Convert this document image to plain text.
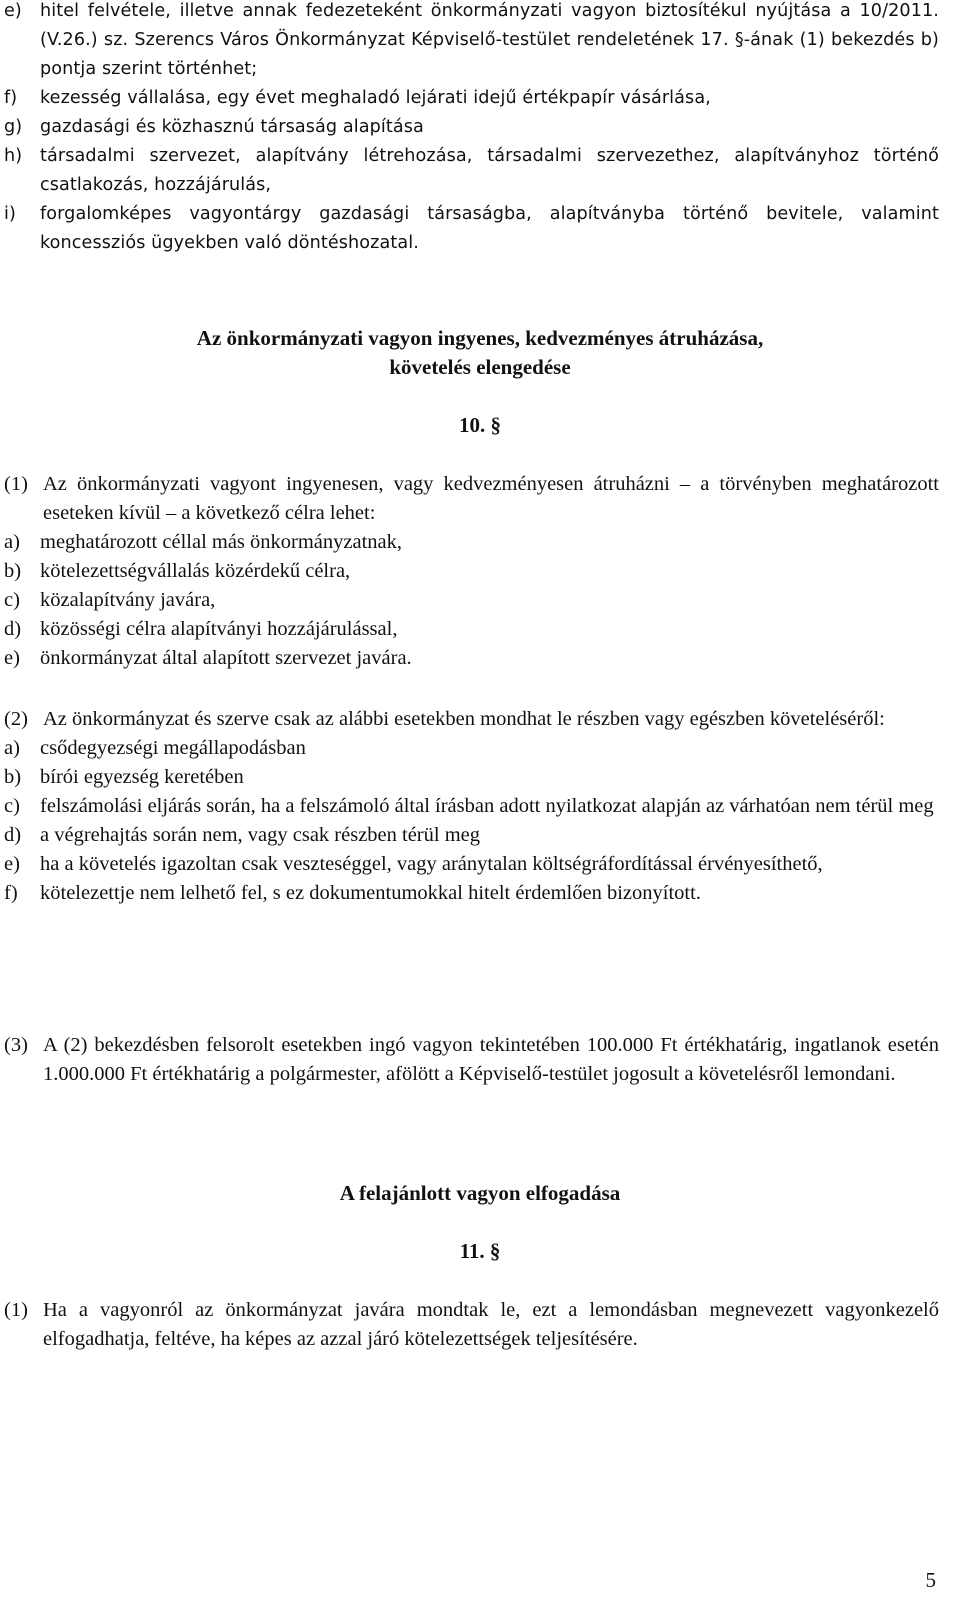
e)	hitel felvétele, illetve annak fedezeteként önkormányzati vagyon biztosítékul nyújtása a 10/2011. (V.26.) sz. Szerencs Város Önkormányzat Képviselő-testület rendeletének 17. §-ának (1) bekezdés b) pontja szerint történhet;
f)	kezesség vállalása, egy évet meghaladó lejárati idejű értékpapír vásárlása,
g)	gazdasági és közhasznú társaság alapítása
h)	társadalmi szervezet, alapítvány létrehozása, társadalmi szervezethez, alapítványhoz történő csatlakozás, hozzájárulás,
i)	forgalomképes vagyontárgy gazdasági társaságba, alapítványba történő bevitele, valamint koncessziós ügyekben való döntéshozatal.
Az önkormányzati vagyon ingyenes, kedvezményes átruházása,
követelés elengedése
10. §
(1) Az önkormányzati vagyont ingyenesen, vagy kedvezményesen átruházni – a törvényben meghatározott eseteken kívül – a következő célra lehet:
a) meghatározott céllal más önkormányzatnak,
b) kötelezettségvállalás közérdekű célra,
c) közalapítvány javára,
d) közösségi célra alapítványi hozzájárulással,
e) önkormányzat által alapított szervezet javára.
(2) Az önkormányzat és szerve csak az alábbi esetekben mondhat le részben vagy egészben követeléséről:
a) csődegyezségi megállapodásban
b) bírói egyezség keretében
c) felszámolási eljárás során, ha a felszámoló által írásban adott nyilatkozat alapján az várhatóan nem térül meg
d) a végrehajtás során nem, vagy csak részben térül meg
e) ha a követelés igazoltan csak veszteséggel, vagy aránytalan költségráfordítással érvényesíthető,
f)	kötelezettje nem lelhető fel, s ez dokumentumokkal hitelt érdemlően bizonyított.
(3) A (2) bekezdésben felsorolt esetekben ingó vagyon tekintetében 100.000 Ft értékhatárig, ingatlanok esetén 1.000.000 Ft értékhatárig a polgármester, afölött a Képviselő-testület jogosult a követelésről lemondani.
A felajánlott vagyon elfogadása
11. §
(1) Ha a vagyonról az önkormányzat javára mondtak le, ezt a lemondásban megnevezett vagyonkezelő elfogadhatja, feltéve, ha képes az azzal járó kötelezettségek teljesítésére.
5
